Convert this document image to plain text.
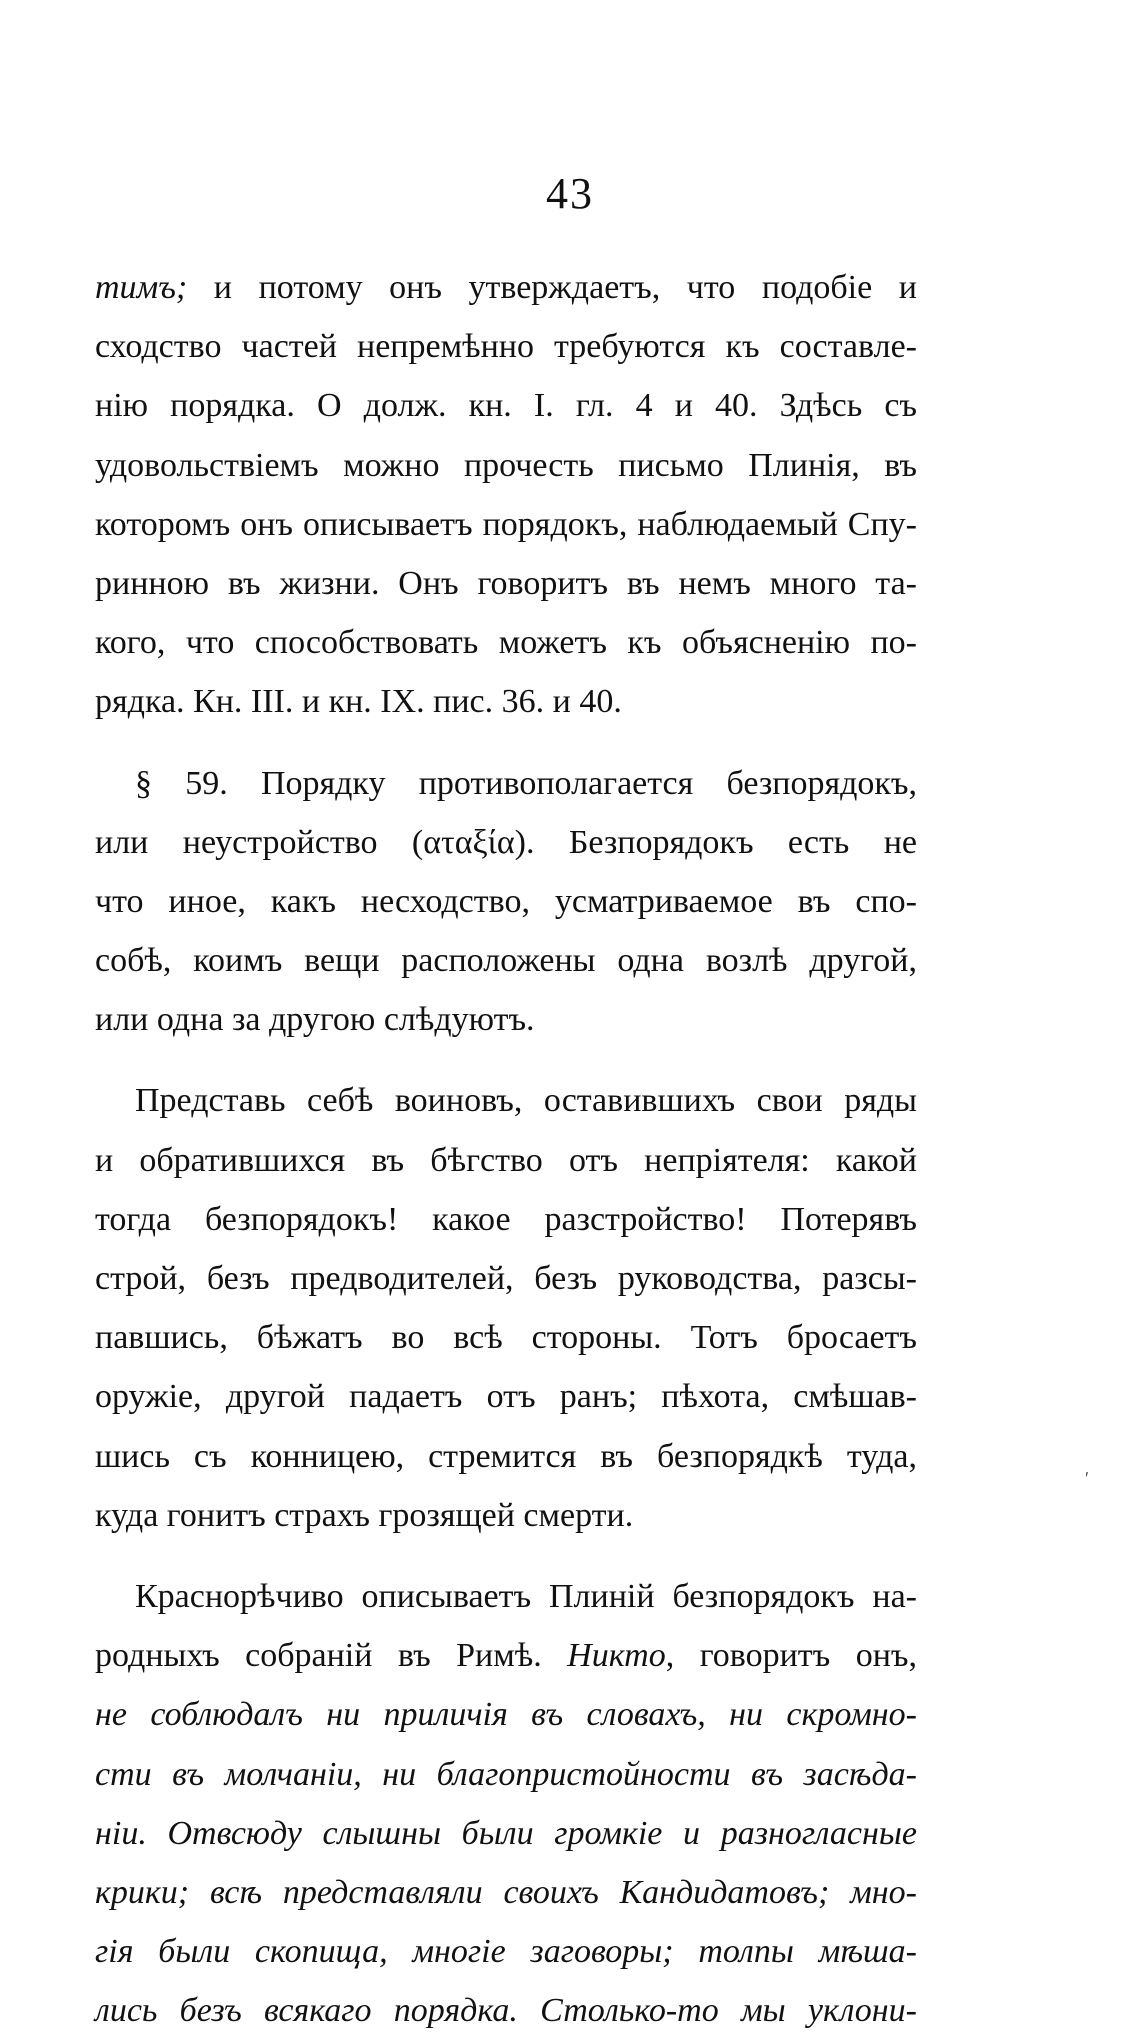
43
тимъ; и потому онъ утверждаетъ, что подобіе и
сходство частей непремѣнно требуются къ составле-
нію порядка. О долж. кн. I. гл. 4 и 40. Здѣсь съ
удовольствіемъ можно прочесть письмо Плинія, въ
которомъ онъ описываетъ порядокъ, наблюдаемый Спу-
ринною въ жизни. Онъ говоритъ въ немъ много та-
кого, что способствовать можетъ къ объясненію по-
рядка. Кн. III. и кн. IX. пис. 36. и 40.
§ 59. Порядку противополагается безпорядокъ,
или неустройство (αταξία). Безпорядокъ есть не
что иное, какъ несходство, усматриваемое въ спо-
собѣ, коимъ вещи расположены одна возлѣ другой,
или одна за другою слѣдуютъ.
Представь себѣ воиновъ, оставившихъ свои ряды
и обратившихся въ бѣгство отъ непріятеля: какой
тогда безпорядокъ! какое разстройство! Потерявъ
строй, безъ предводителей, безъ руководства, разсы-
павшись, бѣжатъ во всѣ стороны. Тотъ бросаетъ
оружіе, другой падаетъ отъ ранъ; пѣхота, смѣшав-
шись съ конницею, стремится въ безпорядкѣ туда,
куда гонитъ страхъ грозящей смерти.
Краснорѣчиво описываетъ Плиній безпорядокъ на-
родныхъ собраній въ Римѣ. Никто, говоритъ онъ,
не соблюдалъ ни приличія въ словахъ, ни скромно-
сти въ молчаніи, ни благопристойности въ засѣда-
ніи. Отвсюду слышны были громкіе и разногласные
крики; всѣ представляли своихъ Кандидатовъ; мно-
гія были скопища, многіе заговоры; толпы мѣша-
лись безъ всякаго порядка. Столько-то мы уклони-
ʹ
